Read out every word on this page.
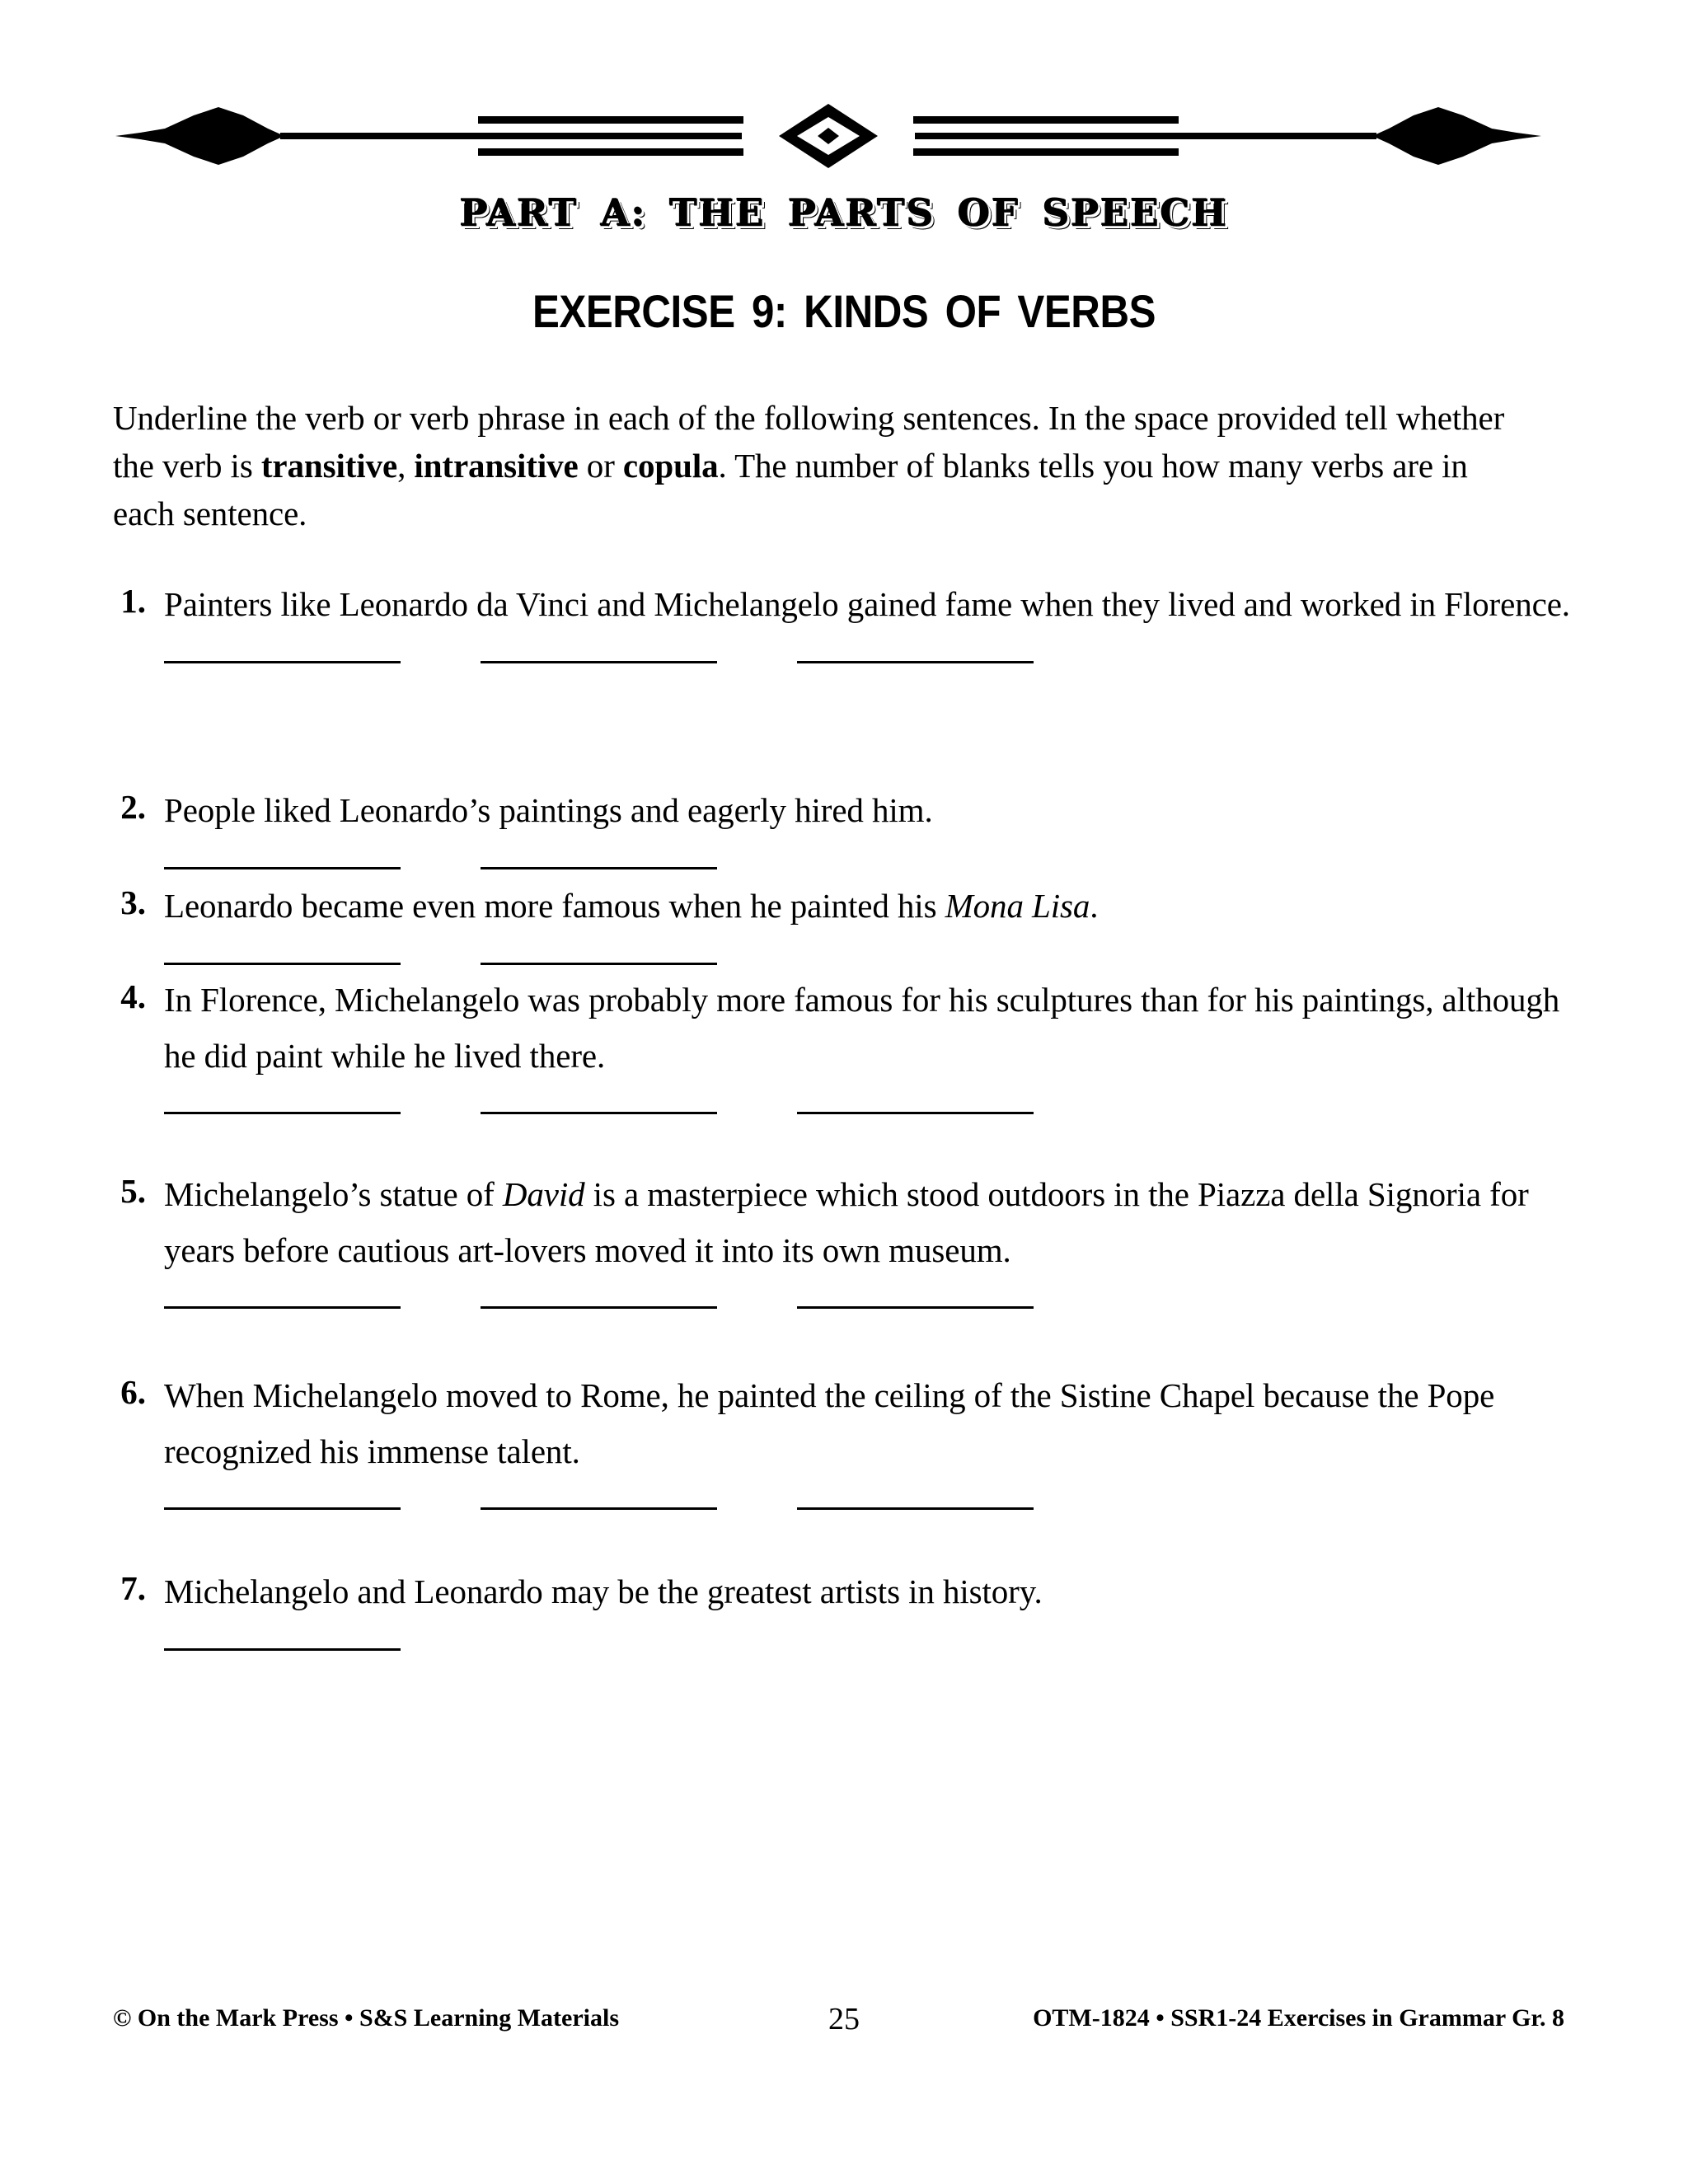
PART A: THE PARTS OF SPEECH
EXERCISE 9: KINDS OF VERBS
Underline the verb or verb phrase in each of the following sentences. In the space provided tell whether the verb is transitive, intransitive or copula. The number of blanks tells you how many verbs are in each sentence.
1. Painters like Leonardo da Vinci and Michelangelo gained fame when they lived and worked in Florence.
2. People liked Leonardo’s paintings and eagerly hired him.
3. Leonardo became even more famous when he painted his Mona Lisa.
4. In Florence, Michelangelo was probably more famous for his sculptures than for his paintings, although he did paint while he lived there.
5. Michelangelo’s statue of David is a masterpiece which stood outdoors in the Piazza della Signoria for years before cautious art-lovers moved it into its own museum.
6. When Michelangelo moved to Rome, he painted the ceiling of the Sistine Chapel because the Pope recognized his immense talent.
7. Michelangelo and Leonardo may be the greatest artists in history.
© On the Mark Press • S&S Learning Materials	25	OTM-1824 • SSR1-24 Exercises in Grammar Gr. 8
